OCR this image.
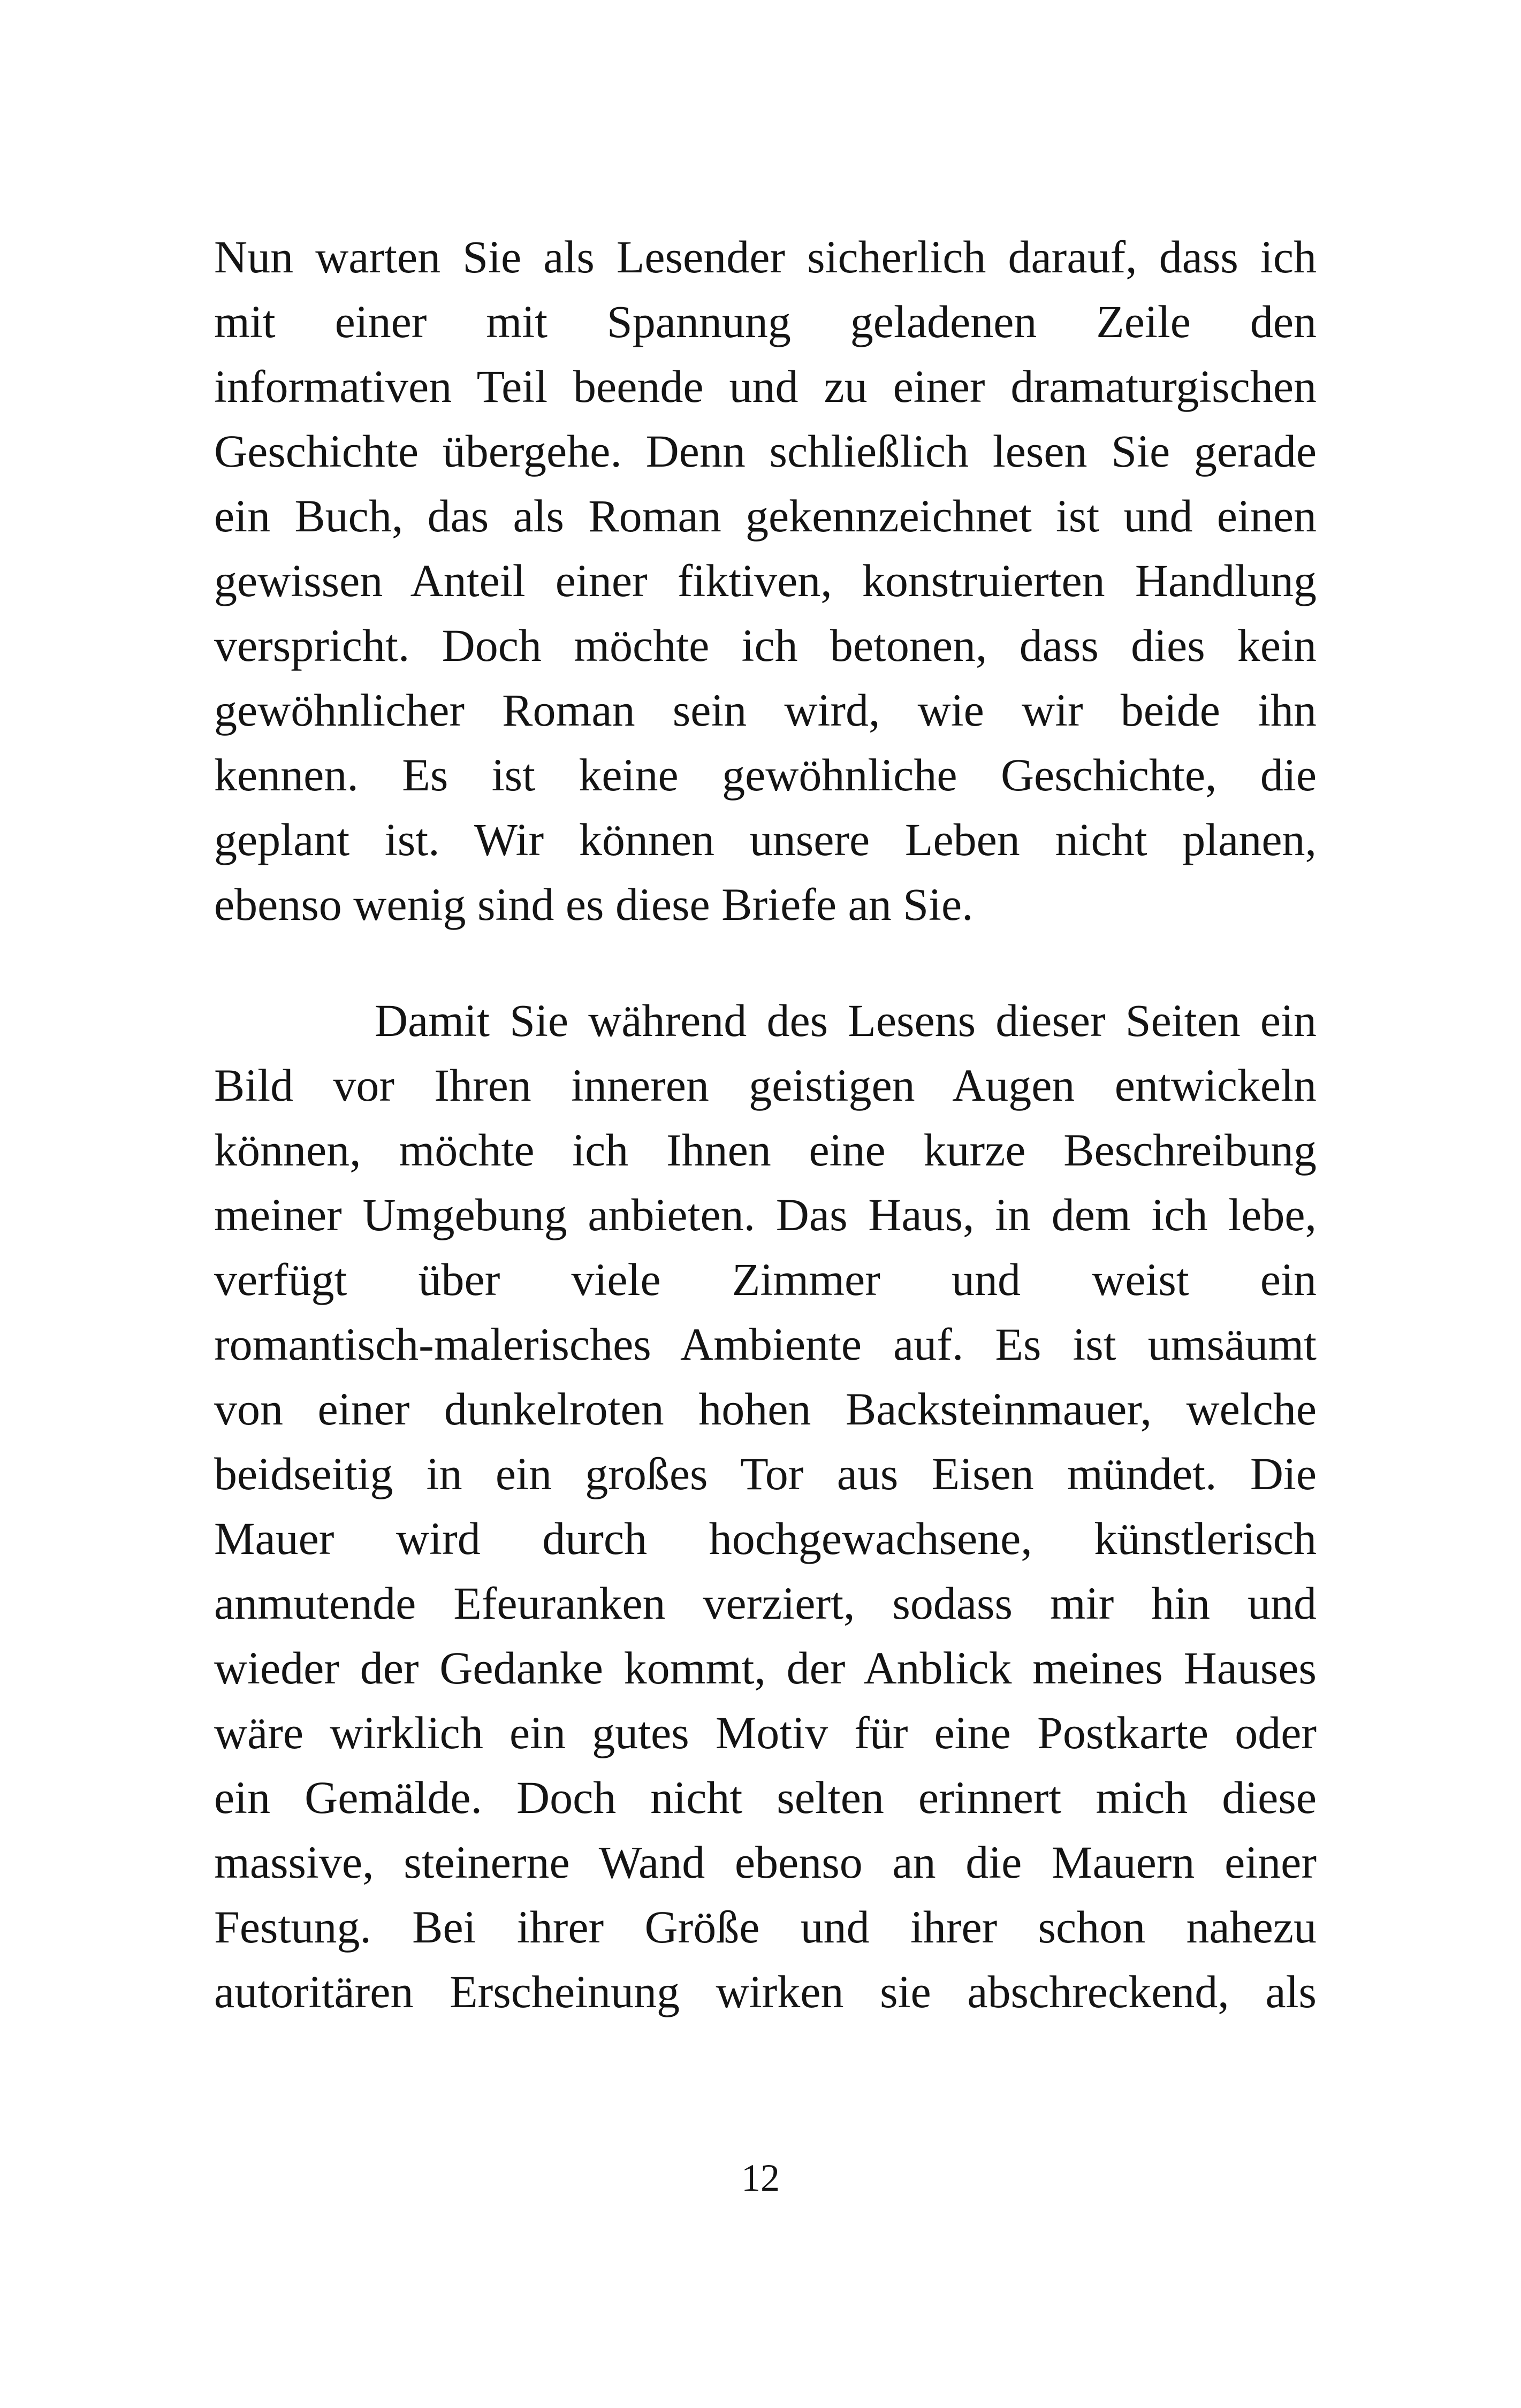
Nun warten Sie als Lesender sicherlich darauf, dass ich
mit einer mit Spannung geladenen Zeile den
informativen Teil beende und zu einer dramaturgischen
Geschichte übergehe. Denn schließlich lesen Sie gerade
ein Buch, das als Roman gekennzeichnet ist und einen
gewissen Anteil einer fiktiven, konstruierten Handlung
verspricht. Doch möchte ich betonen, dass dies kein
gewöhnlicher Roman sein wird, wie wir beide ihn
kennen. Es ist keine gewöhnliche Geschichte, die
geplant ist. Wir können unsere Leben nicht planen,
ebenso wenig sind es diese Briefe an Sie.
Damit Sie während des Lesens dieser Seiten ein
Bild vor Ihren inneren geistigen Augen entwickeln
können, möchte ich Ihnen eine kurze Beschreibung
meiner Umgebung anbieten. Das Haus, in dem ich lebe,
verfügt über viele Zimmer und weist ein
romantisch-malerisches Ambiente auf. Es ist umsäumt
von einer dunkelroten hohen Backsteinmauer, welche
beidseitig in ein großes Tor aus Eisen mündet. Die
Mauer wird durch hochgewachsene, künstlerisch
anmutende Efeuranken verziert, sodass mir hin und
wieder der Gedanke kommt, der Anblick meines Hauses
wäre wirklich ein gutes Motiv für eine Postkarte oder
ein Gemälde. Doch nicht selten erinnert mich diese
massive, steinerne Wand ebenso an die Mauern einer
Festung. Bei ihrer Größe und ihrer schon nahezu
autoritären Erscheinung wirken sie abschreckend, als
12
